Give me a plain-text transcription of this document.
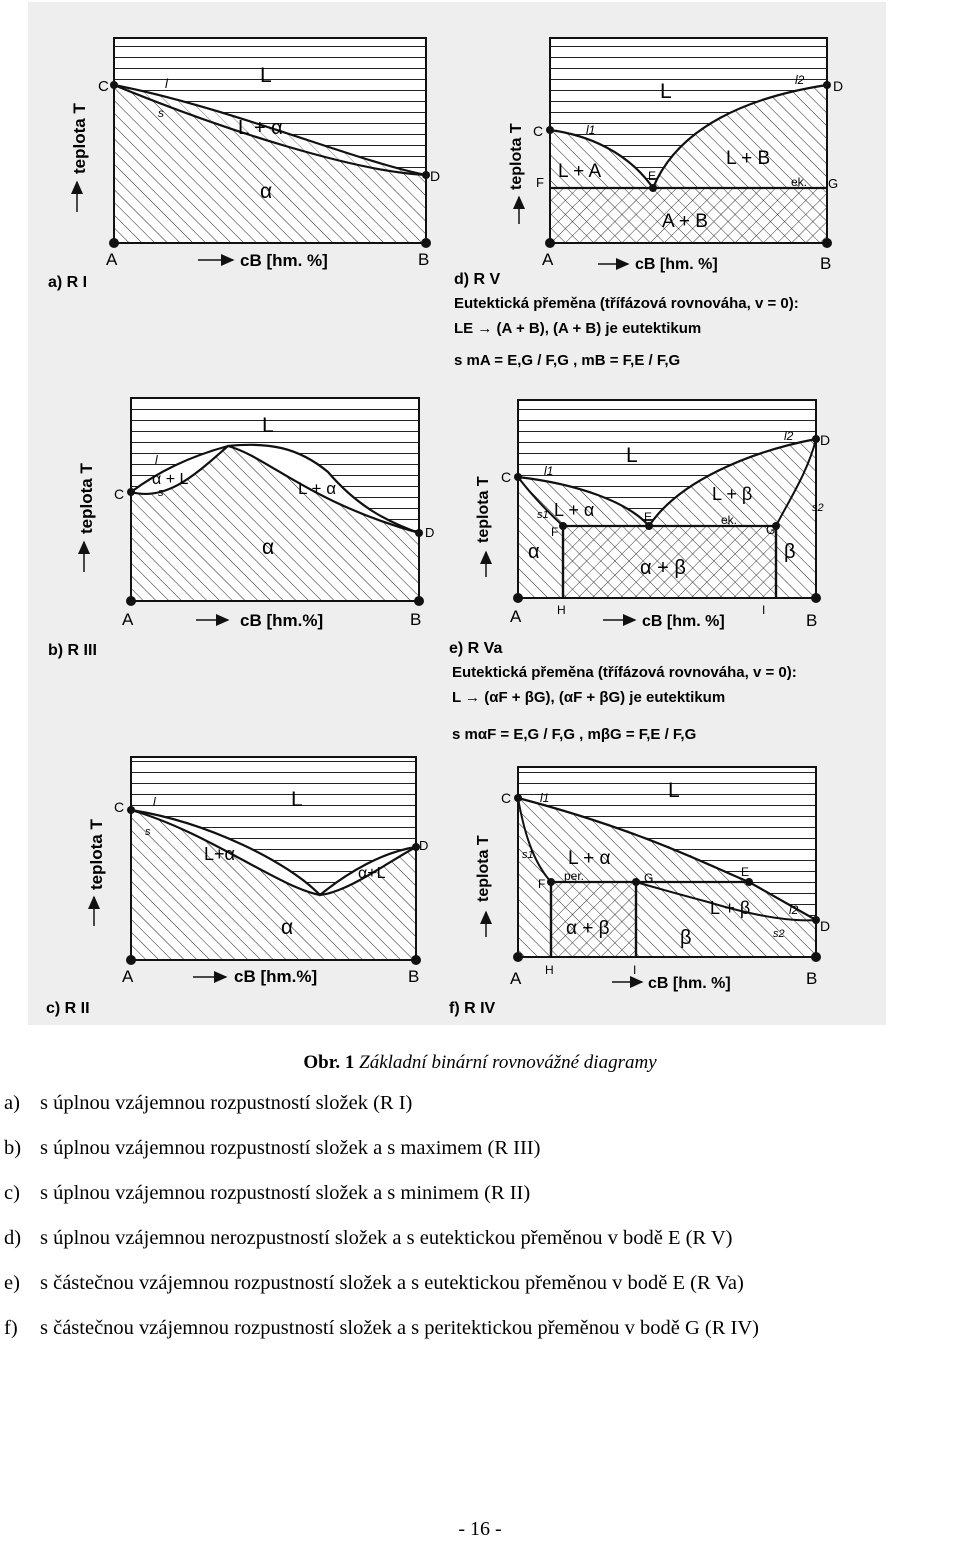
C
D
l
s
L
L + α
α
A	B
cB [hm. %]
teplota T
a) R I
C
F
D
G
E
l1
l2
L
L + A
L + B
A + B
ek.
A	B
cB [hm. %]
teplota T
d) R V
Eutektická přeměna (třífázová rovnováha, v = 0):
LE → (A + B), (A + B) je eutektikum
s mA = E,G / F,G , mB = F,E / F,G
C
D
l
s
L
α + L	L + α
α
A	B
cB [hm.%]
teplota T
b) R III
C
D
l1
l2
s1
s2
F
E
G
ek.
L
L + α
L + β
α	β
α + β
H	I
A	B
cB [hm. %]
teplota T
e) R Va
Eutektická přeměna (třífázová rovnováha, v = 0):
L → (αF + βG), (αF + βG) je eutektikum
s mαF = E,G / F,G , mβG = F,E / F,G
C
D
l
s
L
L+α
α+L
α
A	B
cB [hm.%]
teplota T
c) R II
C
D
E
F	G
per.
l1
l2
s1
s2
L
L + α
L + β
α + β	β
H	I
A	B
cB [hm. %]
teplota T
f) R IV
Obr. 1 Základní binární rovnovážné diagramy
a) s úplnou vzájemnou rozpustností složek (R I)
b) s úplnou vzájemnou rozpustností složek a s maximem (R III)
c) s úplnou vzájemnou rozpustností složek a s minimem (R II)
d) s úplnou vzájemnou nerozpustností složek a s eutektickou přeměnou v bodě E (R V)
e) s částečnou vzájemnou rozpustností složek a s eutektickou přeměnou v bodě E (R Va)
f) s částečnou vzájemnou rozpustností složek a s peritektickou přeměnou v bodě G (R IV)
- 16 -
